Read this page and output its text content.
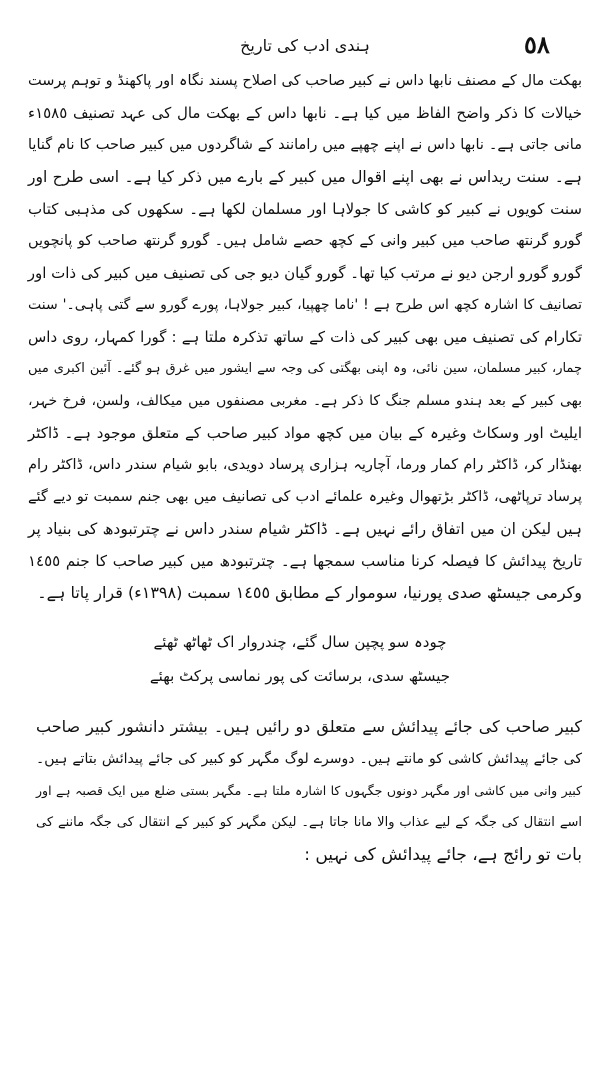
٥٨
ہندی ادب کی تاریخ
بھکت مال کے مصنف نابھا داس نے کبیر صاحب کی اصلاح پسند نگاہ اور پاکھنڈ و توہم پرست
خیالات کا ذکر واضح الفاظ میں کیا ہے۔ نابھا داس کے بھکت مال کی عہد تصنیف ١٥٨٥ء
مانی جاتی ہے۔ نابھا داس نے اپنے چھپے میں رامانند کے شاگردوں میں کبیر صاحب کا نام گنایا
ہے۔ سنت ریداس نے بھی اپنے اقوال میں کبیر کے بارے میں ذکر کیا ہے۔ اسی طرح اور
سنت کویوں نے کبیر کو کاشی کا جولاہا اور مسلمان لکھا ہے۔ سکھوں کی مذہبی کتاب
گورو گرنتھ صاحب میں کبیر وانی کے کچھ حصے شامل ہیں۔ گورو گرنتھ صاحب کو پانچویں
گورو گورو ارجن دیو نے مرتب کیا تھا۔ گورو گیان دیو جی کی تصنیف میں کبیر کی ذات اور
تصانیف کا اشارہ کچھ اس طرح ہے ! 'ناما چھپیا، کبیر جولاہا، پورے گورو سے گتی پاہی۔' سنت
تکارام کی تصنیف میں بھی کبیر کی ذات کے ساتھ تذکرہ ملتا ہے : گورا کمہار، روی داس
چمار، کبیر مسلمان، سین نائی، وہ اپنی بھگتی کی وجہ سے ایشور میں غرق ہو گئے۔ آئین اکبری میں
بھی کبیر کے بعد ہندو مسلم جنگ کا ذکر ہے۔ مغربی مصنفوں میں میکالف، ولسن، فرخ خہر،
ایلیٹ اور وسکاٹ وغیرہ کے بیان میں کچھ مواد کبیر صاحب کے متعلق موجود ہے۔ ڈاکٹر
بھنڈار کر، ڈاکٹر رام کمار ورما، آچاریہ ہزاری پرساد دویدی، بابو شیام سندر داس، ڈاکٹر رام
پرساد ترپاٹھی، ڈاکٹر بڑتھوال وغیرہ علمائے ادب کی تصانیف میں بھی جنم سمبت تو دیے گئے
ہیں لیکن ان میں اتفاق رائے نہیں ہے۔ ڈاکٹر شیام سندر داس نے چترتبودھ کی بنیاد پر
تاریخ پیدائش کا فیصلہ کرنا مناسب سمجھا ہے۔ چترتبودھ میں کبیر صاحب کا جنم ١٤٥٥
وکرمی جیسٹھ صدی پورنیا، سوموار کے مطابق ١٤٥٥ سمبت (١٣٩٨ء) قرار پاتا ہے۔
چودہ سو پچپن سال گئے، چندروار اک ٹھاٹھ ٹھئے
جیسٹھ سدی، برسائت کی پور نماسی پرکٹ بھئے
کبیر صاحب کی جائے پیدائش سے متعلق دو رائیں ہیں۔ بیشتر دانشور کبیر صاحب
کی جائے پیدائش کاشی کو مانتے ہیں۔ دوسرے لوگ مگہر کو کبیر کی جائے پیدائش بتاتے ہیں۔
کبیر وانی میں کاشی اور مگہر دونوں جگہوں کا اشارہ ملتا ہے۔ مگہر بستی ضلع میں ایک قصبہ ہے اور
اسے انتقال کی جگہ کے لیے عذاب والا مانا جاتا ہے۔ لیکن مگہر کو کبیر کے انتقال کی جگہ ماننے کی
بات تو رائج ہے، جائے پیدائش کی نہیں :
